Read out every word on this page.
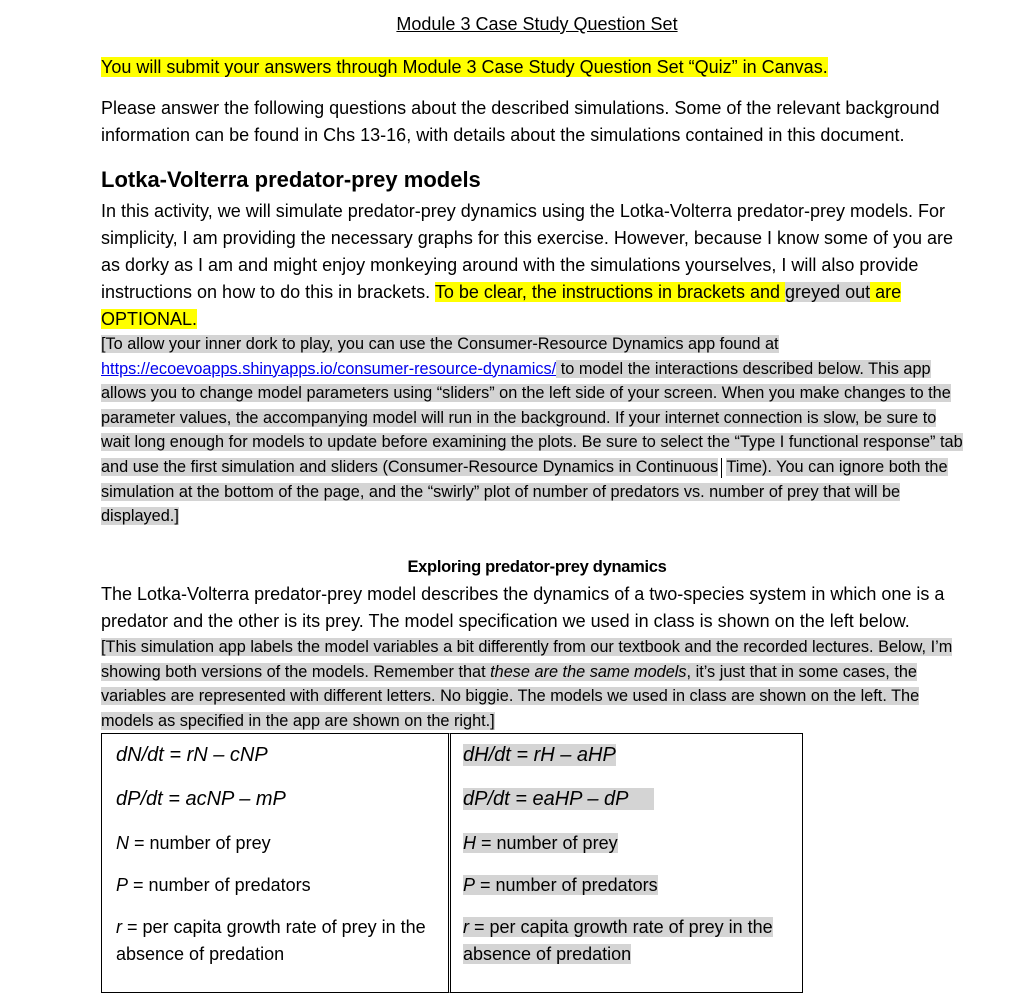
Module 3 Case Study Question Set
You will submit your answers through Module 3 Case Study Question Set “Quiz” in Canvas.
Please answer the following questions about the described simulations. Some of the relevant background information can be found in Chs 13-16, with details about the simulations contained in this document.
Lotka-Volterra predator-prey models
In this activity, we will simulate predator-prey dynamics using the Lotka-Volterra predator-prey models. For simplicity, I am providing the necessary graphs for this exercise. However, because I know some of you are as dorky as I am and might enjoy monkeying around with the simulations yourselves, I will also provide instructions on how to do this in brackets. To be clear, the instructions in brackets and greyed out are OPTIONAL.
[To allow your inner dork to play, you can use the Consumer-Resource Dynamics app found at https://ecoevoapps.shinyapps.io/consumer-resource-dynamics/ to model the interactions described below. This app allows you to change model parameters using “sliders” on the left side of your screen. When you make changes to the parameter values, the accompanying model will run in the background. If your internet connection is slow, be sure to wait long enough for models to update before examining the plots. Be sure to select the “Type I functional response” tab and use the first simulation and sliders (Consumer-Resource Dynamics in Continuous Time). You can ignore both the simulation at the bottom of the page, and the “swirly” plot of number of predators vs. number of prey that will be displayed.]
Exploring predator-prey dynamics
The Lotka-Volterra predator-prey model describes the dynamics of a two-species system in which one is a predator and the other is its prey. The model specification we used in class is shown on the left below.
[This simulation app labels the model variables a bit differently from our textbook and the recorded lectures. Below, I’m showing both versions of the models. Remember that these are the same models, it’s just that in some cases, the variables are represented with different letters. No biggie. The models we used in class are shown on the left. The models as specified in the app are shown on the right.]
dN/dt = rN – cNP
dP/dt = acNP – mP
N = number of prey
P = number of predators
r = per capita growth rate of prey in the absence of predation
dH/dt = rH – aHP
dP/dt = eaHP – dP
H = number of prey
P = number of predators
r = per capita growth rate of prey in the absence of predation
